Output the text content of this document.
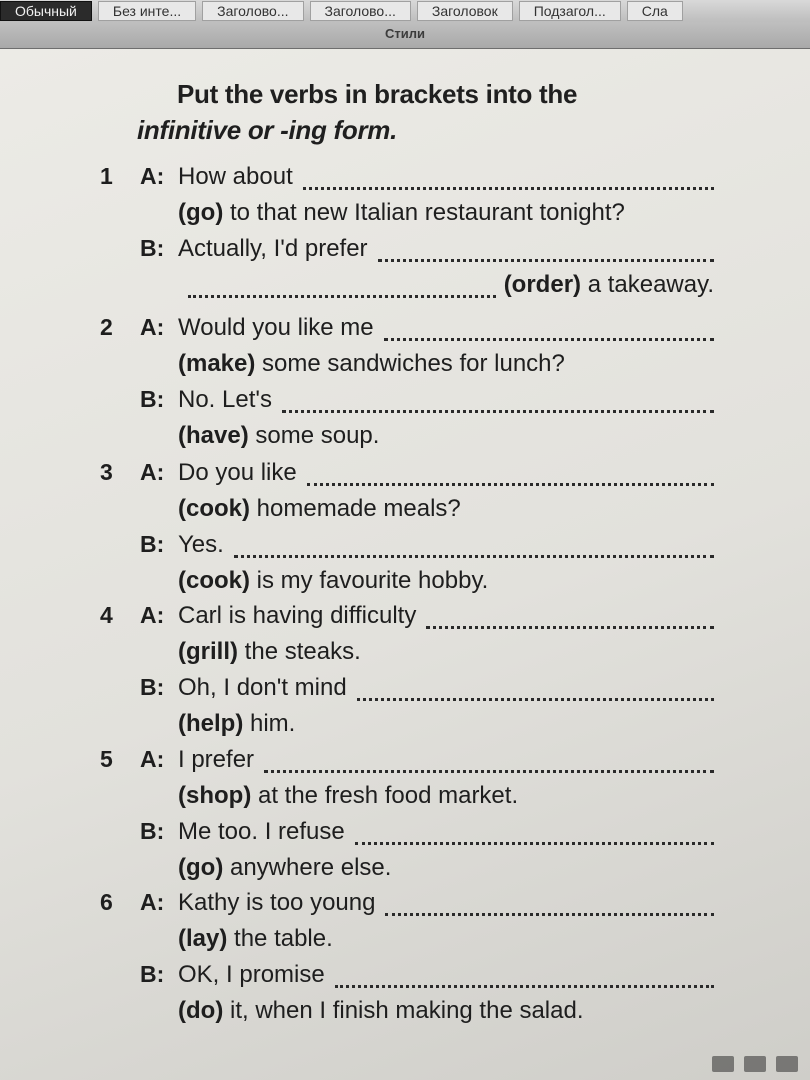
Обычный	Без инте...	Заголово...	Заголово...	Заголовок	Подзагол...	Сла
Стили
Put the verbs in brackets into the
infinitive or -ing form.
1 A: How about
(go) to that new Italian restaurant tonight?
B: Actually, I'd prefer
(order) a takeaway.
2 A: Would you like me
(make) some sandwiches for lunch?
B: No. Let's
(have) some soup.
3 A: Do you like
(cook) homemade meals?
B: Yes.
(cook) is my favourite hobby.
4 A: Carl is having difficulty
(grill) the steaks.
B: Oh, I don't mind
(help) him.
5 A: I prefer
(shop) at the fresh food market.
B: Me too. I refuse
(go) anywhere else.
6 A: Kathy is too young
(lay) the table.
B: OK, I promise
(do) it, when I finish making the salad.
